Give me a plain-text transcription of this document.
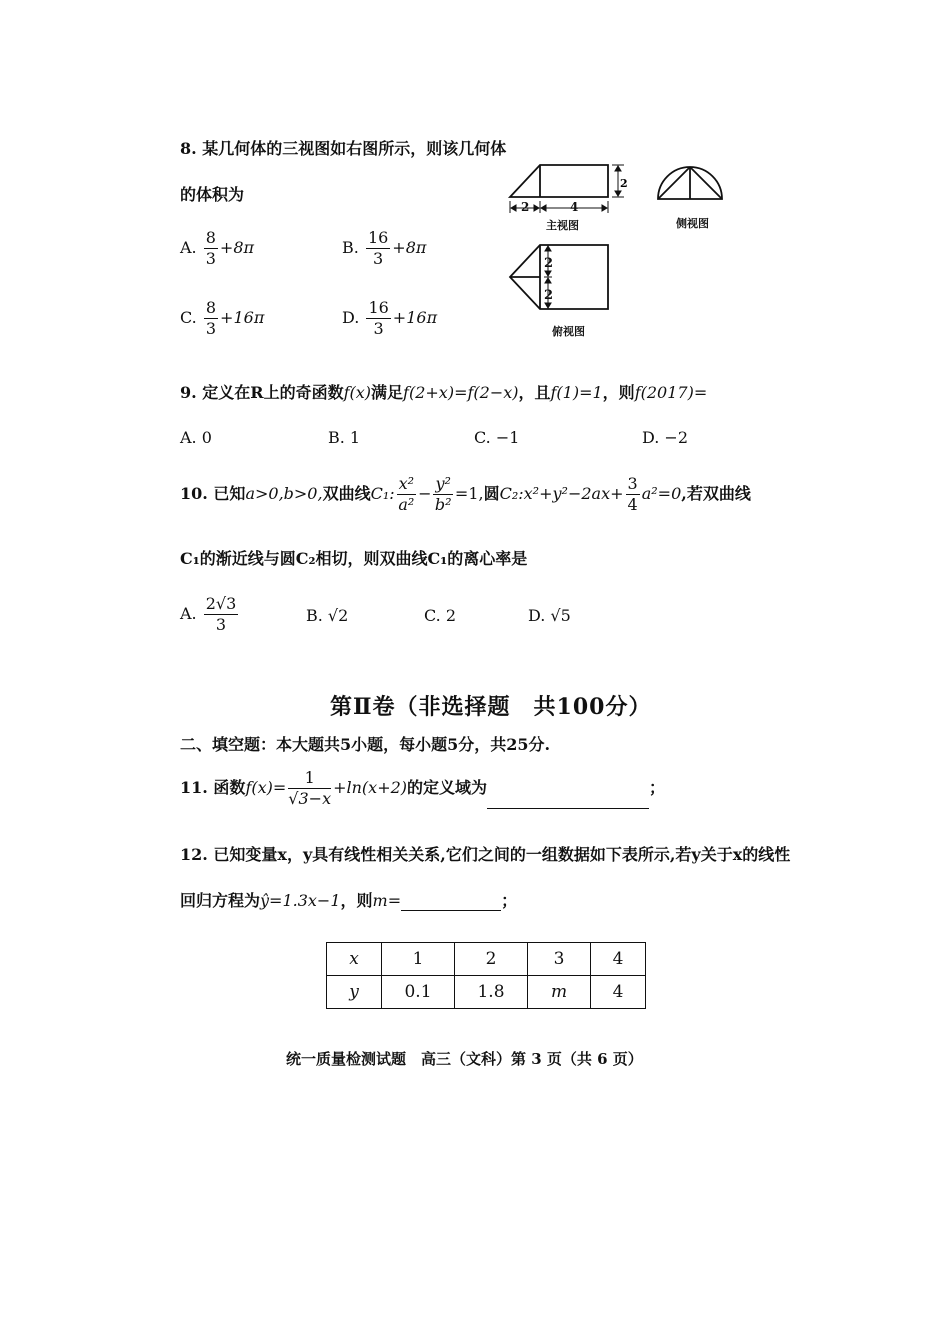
8. 某几何体的三视图如右图所示，则该几何体
的体积为
A. $\frac{8}{3} +8\pi$	B. $\frac{16}{3} +8\pi$
C. $\frac{8}{3} +16\pi$	D. $\frac{16}{3} +16\pi$
2
2	4
主视图	侧视图
2
2
俯视图
9. 定义在R上的奇函数f(x)满足f(2+x)=f(2−x)，且f(1)=1，则f(2017)=
A. 0	B. 1	C. −1	D. −2
10. 已知a>0,b>0,双曲线C₁: $\frac{\text{x²}}{\text{a²}} - \frac{\text{y²}}{\text{b²}} =1$,圆C₂:x²+y²−2ax+ $\frac{3}{4} a^2=0$,若双曲线
C₁的渐近线与圆C₂相切，则双曲线C₁的离心率是
A. $\frac{2√3}{3}$	B. √2	C. 2	D. √5
第Ⅱ卷（非选择题　共100分）
二、填空题：本大题共5小题，每小题5分，共25分.
11. 函数$f(x)= \frac{1}{√3-x} +\ln(x+2)$的定义域为	；
12. 已知变量x，y具有线性相关关系,它们之间的一组数据如下表所示,若y关于x的线性
回归方程为ŷ=1.3x−1，则m=	；
x	1	2	3	4
y	0.1	1.8	m	4
统一质量检测试题　高三（文科）第 3 页（共 6 页）
